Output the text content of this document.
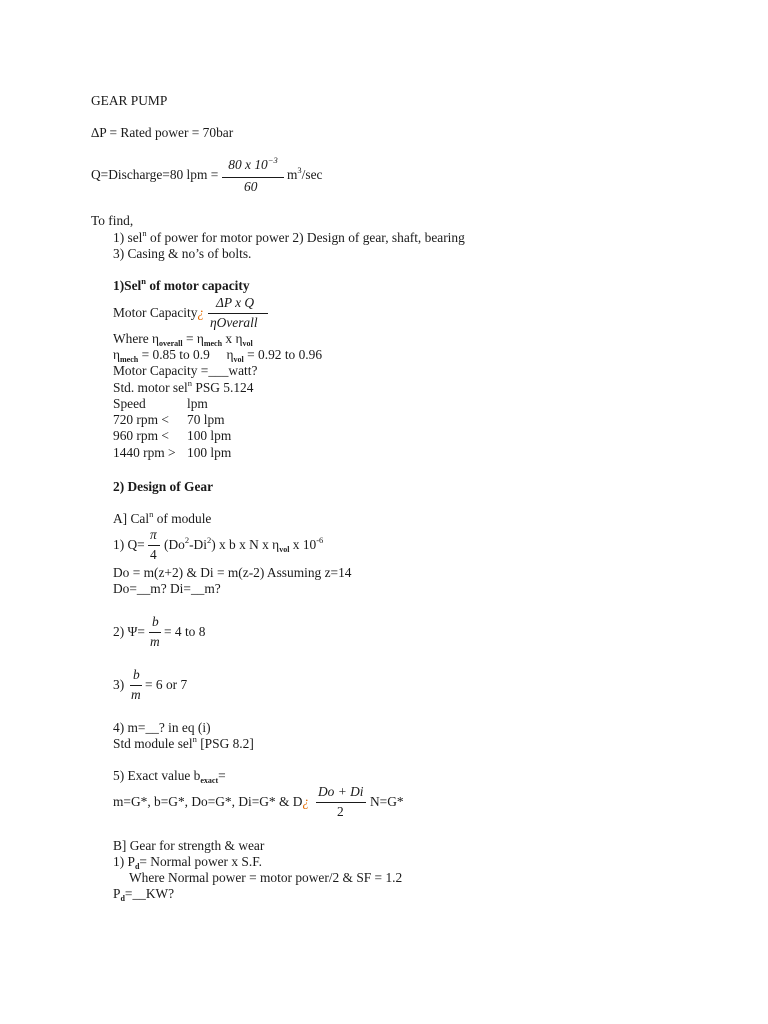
GEAR PUMP
∆P = Rated power = 70bar
Q=Discharge=80 lpm =
80 x $10^{-3}$
60
$m^3/\sec$
To find,
1) sel$^n$ of power for motor power 2) Design of gear, shaft, bearing
3) Casing & no’s of bolts.
1)Sel$^n$ of motor capacity
Motor Capacity¿
ΔP x Q
ηOverall
Where $\eta_{overall} = \eta_{mech}$ x $\eta_{vol}$
$\eta_{mech} = 0.85$ to 0.9 $\eta_{vol} = 0.92$ to 0.96
Motor Capacity =___watt?
Std. motor sel$^n$ PSG 5.124
Speed	lpm
720 rpm < 70 lpm
960 rpm < 100 lpm
1440 rpm > 100 lpm
2) Design of Gear
A] Cal$^n$ of module
1) Q=
π
4
(Do$^2$-Di$^2$) x b x N x $\eta_{vol}$ x $10^{-6}$
Do = m(z+2) & Di = m(z-2) Assuming z=14
Do=__m? Di=__m?
2) Ψ=
b
m
= 4 to 8
3)
b
m
= 6 or 7
4) m=__? in eq (i)
Std module sel$^n$ [PSG 8.2]
5) Exact value $b_{exact}=$
m=G*, b=G*, Do=G*, Di=G* & D¿
Do + Di
2
N=G*
B] Gear for strength & wear
1) $P_d=$ Normal power x S.F.
Where Normal power = motor power/2 & SF = 1.2
$P_d=\_\_KW$?
